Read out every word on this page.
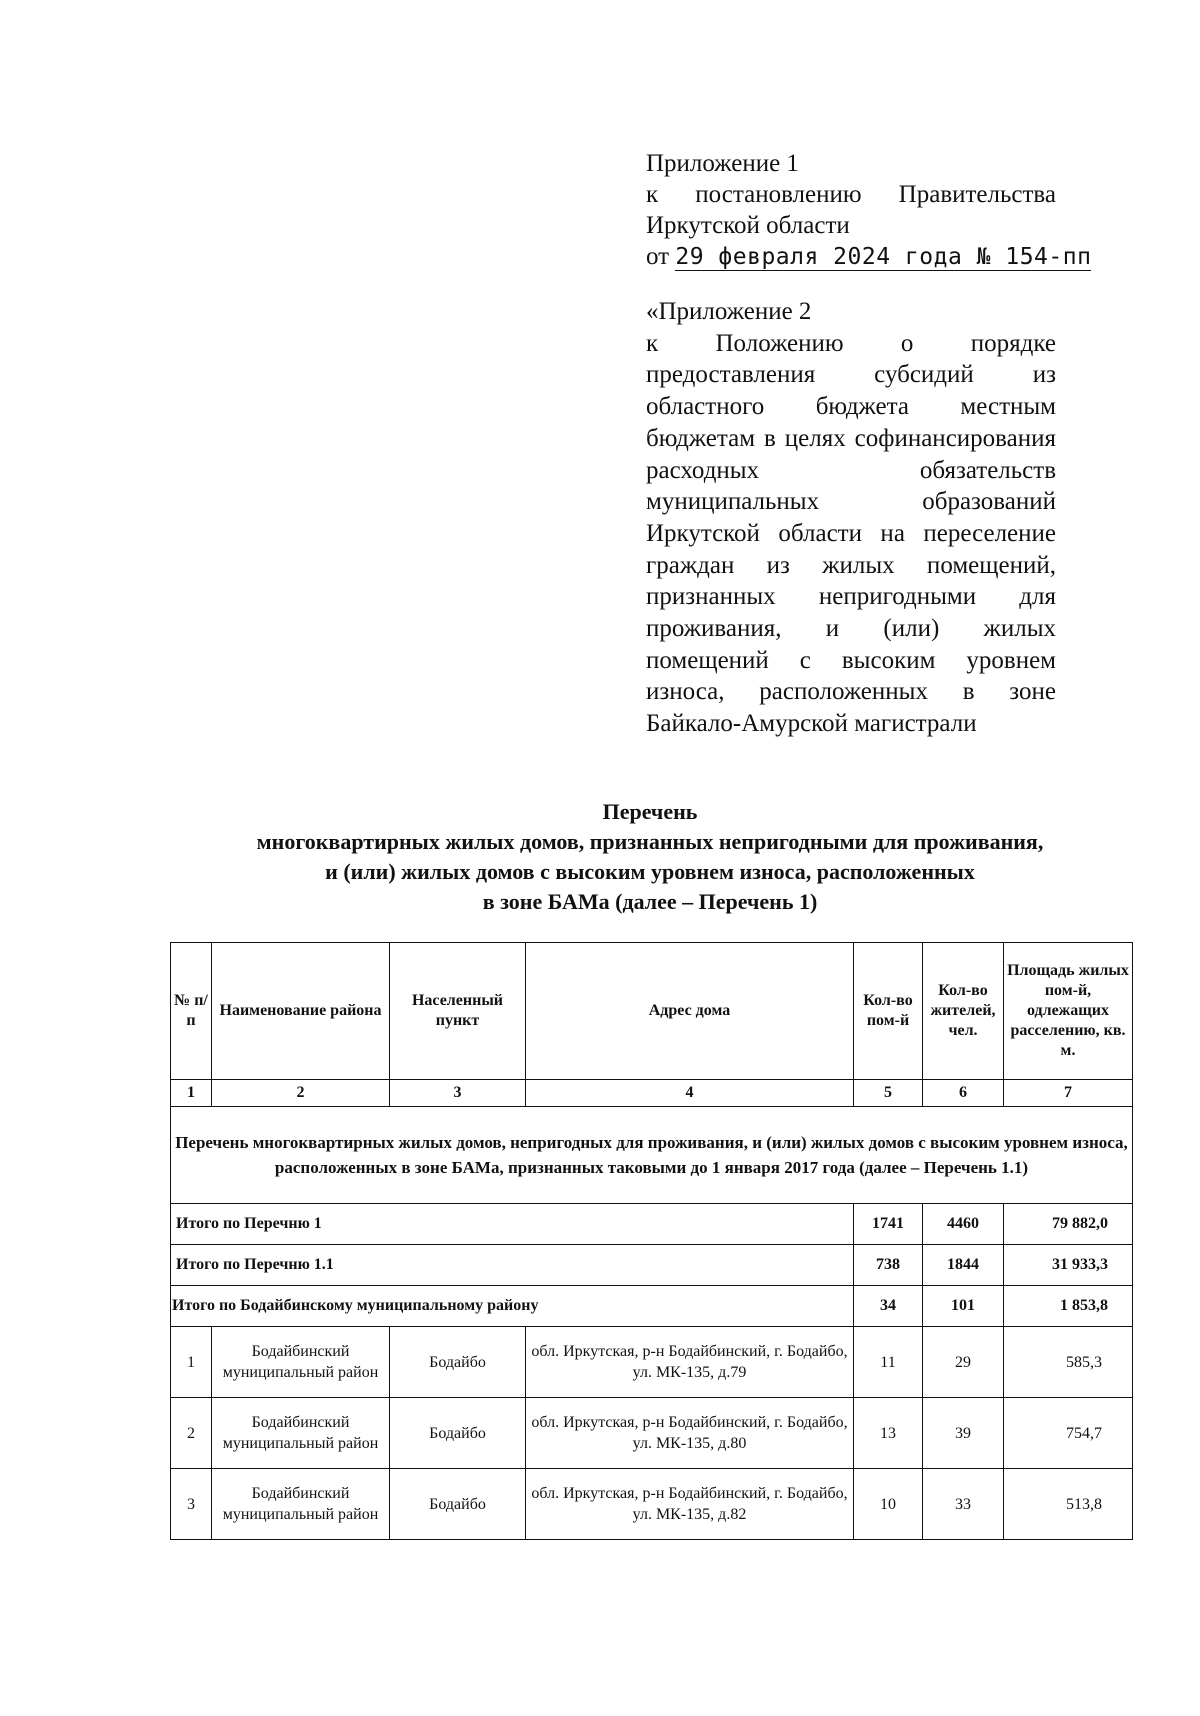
Приложение 1
к постановлению Правительства
Иркутской области
от 29 февраля 2024 года № 154-пп
«Приложение 2
к Положению о порядке предоставления субсидий из областного бюджета местным бюджетам в целях софинансирования расходных обязательств муниципальных образований Иркутской области на переселение граждан из жилых помещений, признанных непригодными для проживания, и (или) жилых помещений с высоким уровнем износа, расположенных в зоне Байкало-Амурской магистрали
Перечень
многоквартирных жилых домов, признанных непригодными для проживания,
и (или) жилых домов с высоким уровнем износа, расположенных
в зоне БАМа (далее – Перечень 1)
№ п/п	Наименование района	Населенный пункт	Адрес дома	Кол-во пом-й	Кол-во жителей, чел.	Площадь жилых пом-й, одлежащих расселению, кв. м.
1	2	3	4	5	6	7
Перечень многоквартирных жилых домов, непригодных для проживания, и (или) жилых домов с высоким уровнем износа, расположенных в зоне БАМа, признанных таковыми до 1 января 2017 года (далее – Перечень 1.1)						
Итого по Перечню 1				1741	4460	79 882,0
Итого по Перечню 1.1				738	1844	31 933,3
Итого по Бодайбинскому муниципальному району				34	101	1 853,8
1	Бодайбинский муниципальный район	Бодайбо	обл. Иркутская, р-н Бодайбинский, г. Бодайбо, ул. МК-135, д.79	11	29	585,3
2	Бодайбинский муниципальный район	Бодайбо	обл. Иркутская, р-н Бодайбинский, г. Бодайбо, ул. МК-135, д.80	13	39	754,7
3	Бодайбинский муниципальный район	Бодайбо	обл. Иркутская, р-н Бодайбинский, г. Бодайбо, ул. МК-135, д.82	10	33	513,8
